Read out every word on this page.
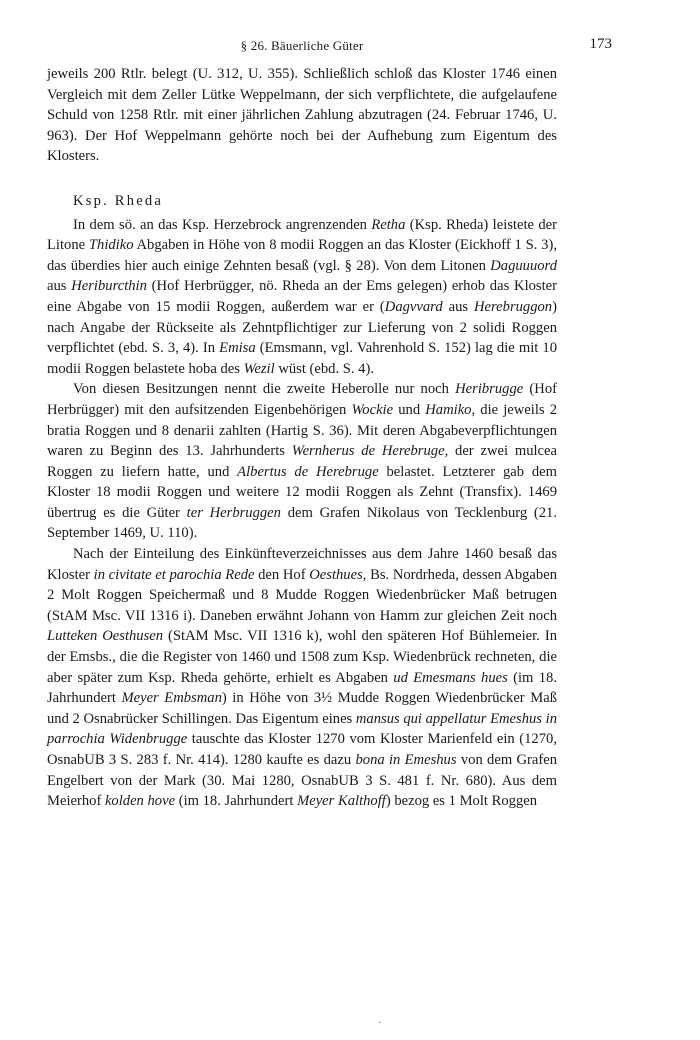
§ 26. Bäuerliche Güter	173

jeweils 200 Rtlr. belegt (U. 312, U. 355). Schließlich schloß das Kloster 1746 einen Vergleich mit dem Zeller Lütke Weppelmann, der sich verpflichtete, die aufgelaufene Schuld von 1258 Rtlr. mit einer jährlichen Zahlung abzutragen (24. Februar 1746, U. 963). Der Hof Weppelmann gehörte noch bei der Aufhebung zum Eigentum des Klosters.

Ksp. Rheda

In dem sö. an das Ksp. Herzebrock angrenzenden Retha (Ksp. Rheda) leistete der Litone Thidiko Abgaben in Höhe von 8 modii Roggen an das Kloster (Eickhoff 1 S. 3), das überdies hier auch einige Zehnten besaß (vgl. § 28). Von dem Litonen Daguuuord aus Heriburcthin (Hof Herbrügger, nö. Rheda an der Ems gelegen) erhob das Kloster eine Abgabe von 15 modii Roggen, außerdem war er (Dagvvard aus Herebruggon) nach Angabe der Rückseite als Zehntpflichtiger zur Lieferung von 2 solidi Roggen verpflichtet (ebd. S. 3, 4). In Emisa (Emsmann, vgl. Vahrenhold S. 152) lag die mit 10 modii Roggen belastete hoba des Wezil wüst (ebd. S. 4).

Von diesen Besitzungen nennt die zweite Heberolle nur noch Heribrugge (Hof Herbrügger) mit den aufsitzenden Eigenbehörigen Wockie und Hamiko, die jeweils 2 bratia Roggen und 8 denarii zahlten (Hartig S. 36). Mit deren Abgabeverpflichtungen waren zu Beginn des 13. Jahrhunderts Wernherus de Herebruge, der zwei mulcea Roggen zu liefern hatte, und Albertus de Herebruge belastet. Letzterer gab dem Kloster 18 modii Roggen und weitere 12 modii Roggen als Zehnt (Transfix). 1469 übertrug es die Güter ter Herbruggen dem Grafen Nikolaus von Tecklenburg (21. September 1469, U. 110).

Nach der Einteilung des Einkünfteverzeichnisses aus dem Jahre 1460 besaß das Kloster in civitate et parochia Rede den Hof Oesthues, Bs. Nordrheda, dessen Abgaben 2 Molt Roggen Speichermaß und 8 Mudde Roggen Wiedenbrücker Maß betrugen (StAM Msc. VII 1316 i). Daneben erwähnt Johann von Hamm zur gleichen Zeit noch Lutteken Oesthusen (StAM Msc. VII 1316 k), wohl den späteren Hof Bühlemeier. In der Emsbs., die die Register von 1460 und 1508 zum Ksp. Wiedenbrück rechneten, die aber später zum Ksp. Rheda gehörte, erhielt es Abgaben ud Emesmans hues (im 18. Jahrhundert Meyer Embsman) in Höhe von 3½ Mudde Roggen Wiedenbrücker Maß und 2 Osnabrücker Schillingen. Das Eigentum eines mansus qui appellatur Emeshus in parrochia Widenbrugge tauschte das Kloster 1270 vom Kloster Marienfeld ein (1270, OsnabUB 3 S. 283 f. Nr. 414). 1280 kaufte es dazu bona in Emeshus von dem Grafen Engelbert von der Mark (30. Mai 1280, OsnabUB 3 S. 481 f. Nr. 680). Aus dem Meierhof kolden hove (im 18. Jahrhundert Meyer Kalthoff) bezog es 1 Molt Roggen

·
